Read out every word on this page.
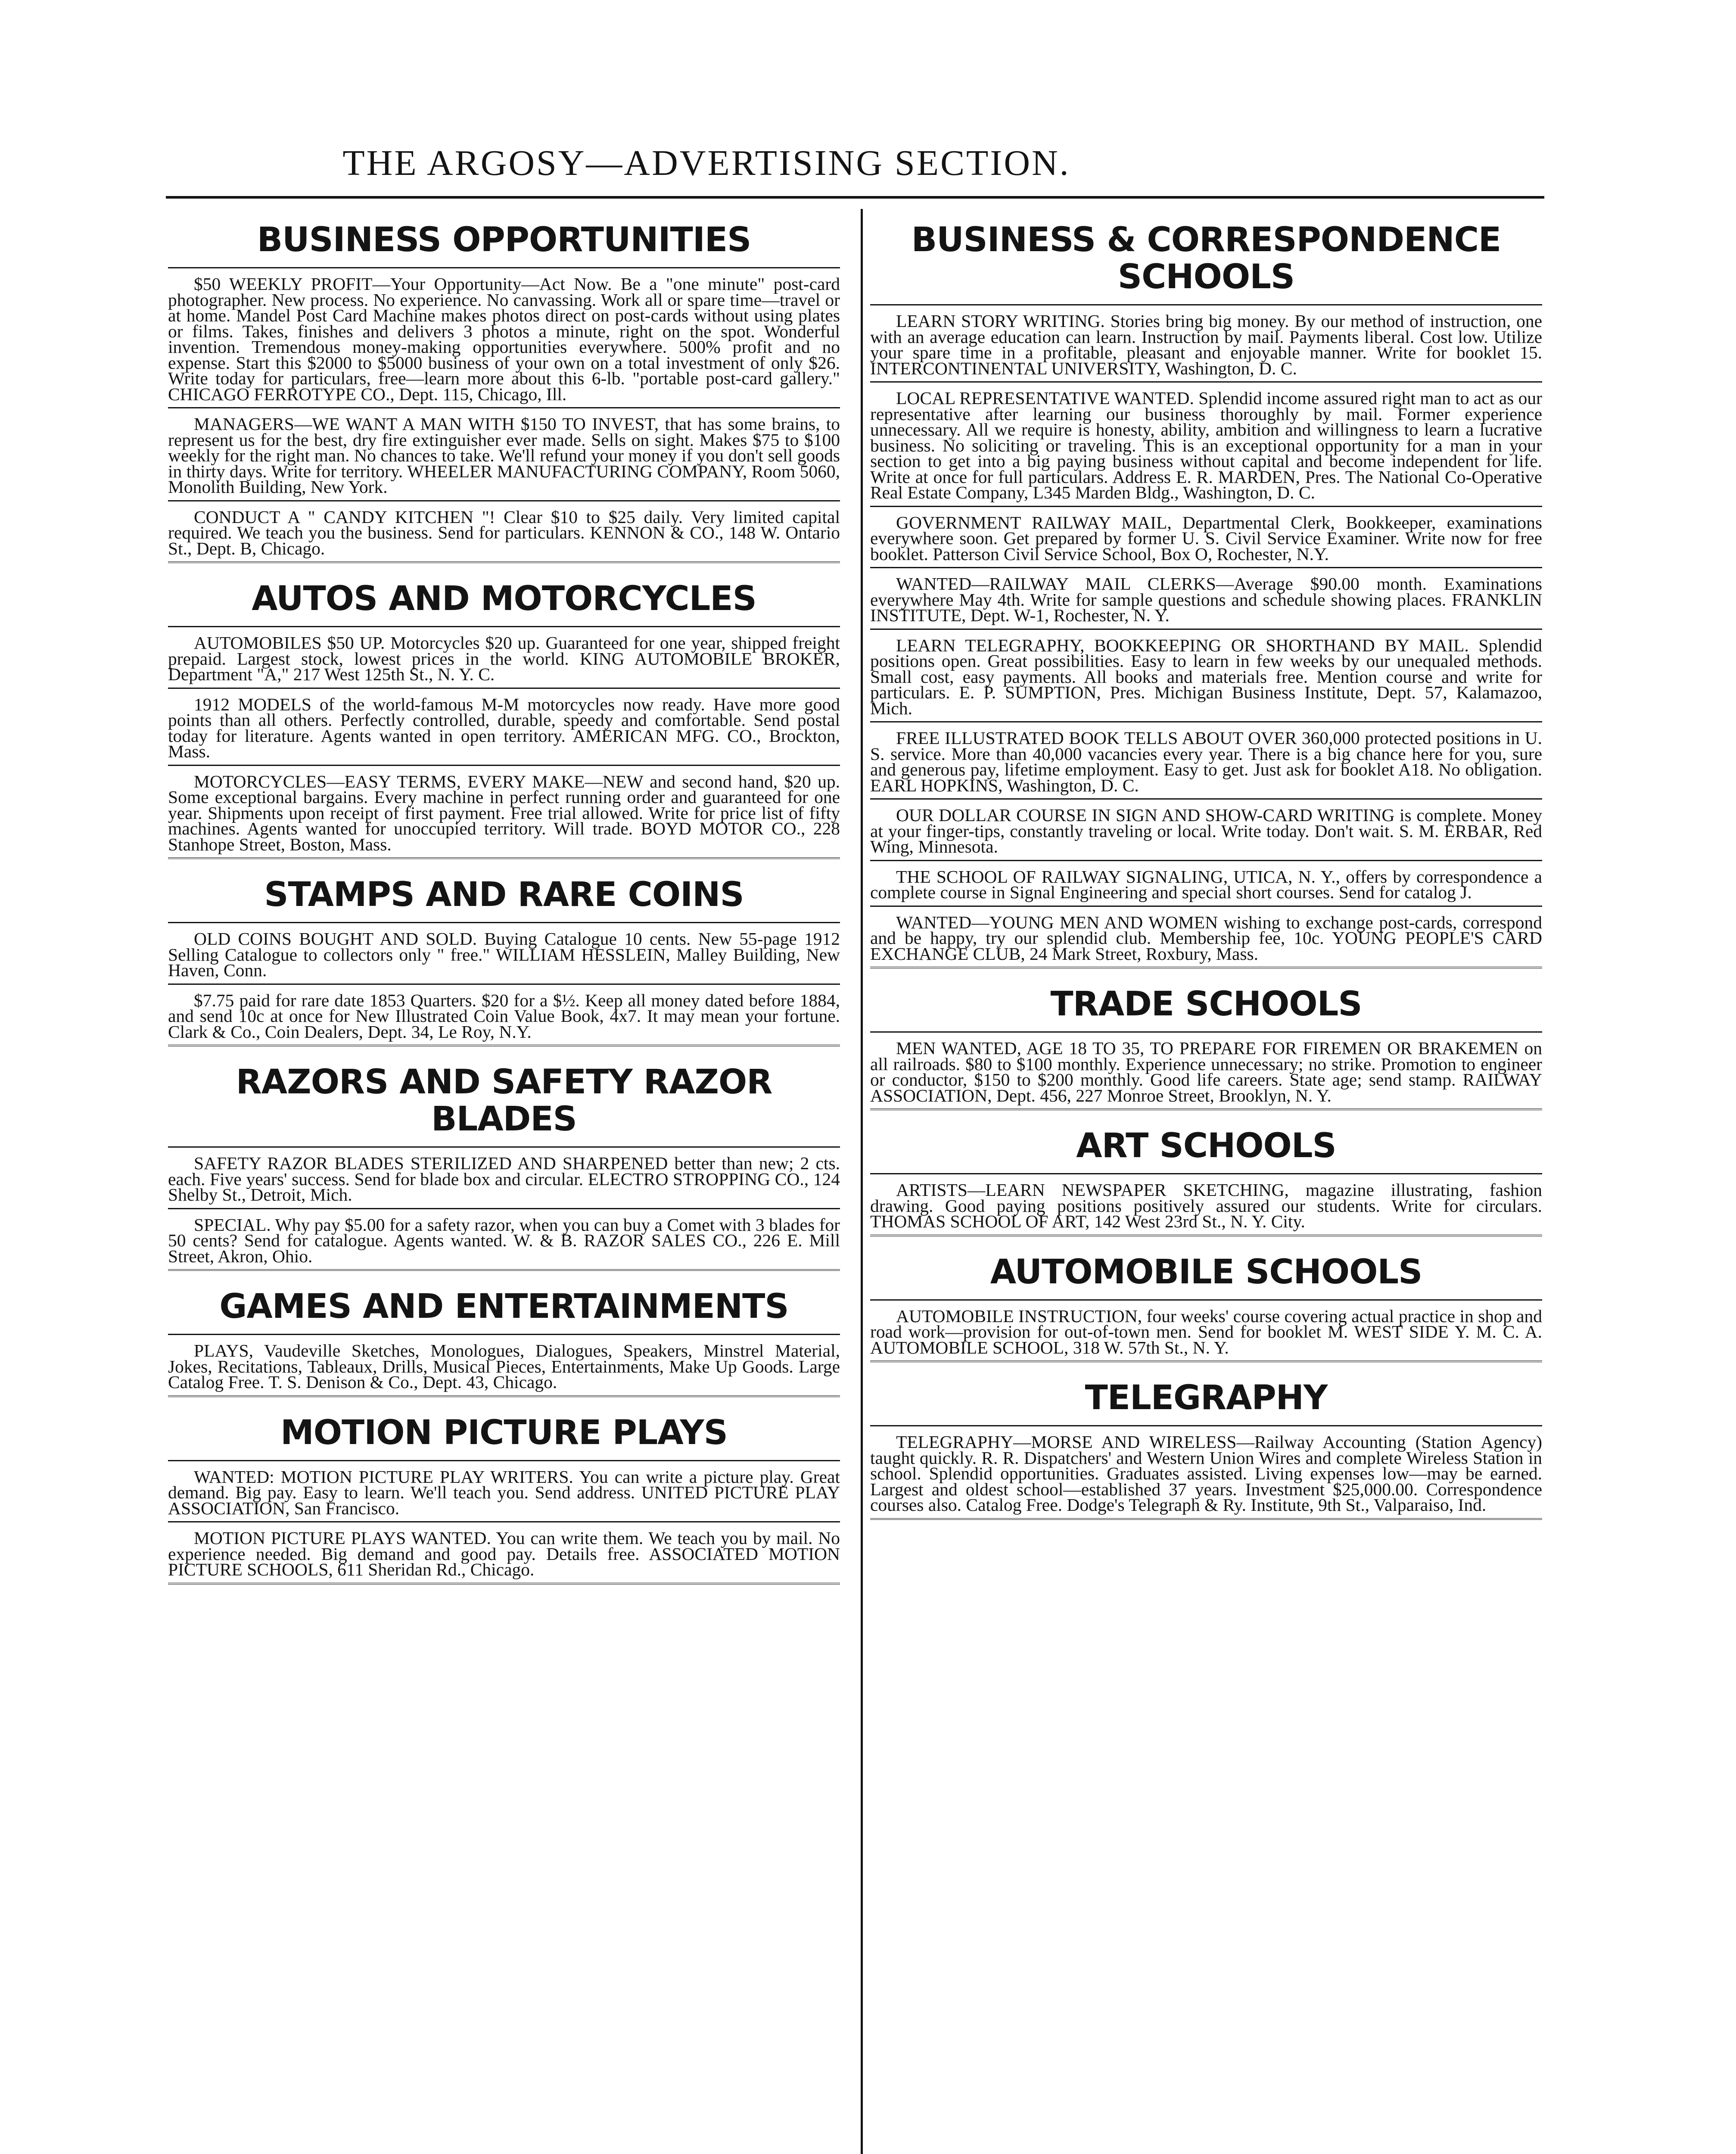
THE ARGOSY—ADVERTISING SECTION.
BUSINESS OPPORTUNITIES

$50 WEEKLY PROFIT—Your Opportunity—Act Now. Be a "one minute" post-card photographer. New process. No experience. No canvassing. Work all or spare time—travel or at home. Mandel Post Card Machine makes photos direct on post-cards without using plates or films. Takes, finishes and delivers 3 photos a minute, right on the spot. Wonderful invention. Tremendous money-making opportunities everywhere. 500% profit and no expense. Start this $2000 to $5000 business of your own on a total investment of only $26. Write today for particulars, free—learn more about this 6-lb. "portable post-card gallery." CHICAGO FERROTYPE CO., Dept. 115, Chicago, Ill.

MANAGERS—WE WANT A MAN WITH $150 TO INVEST, that has some brains, to represent us for the best, dry fire extinguisher ever made. Sells on sight. Makes $75 to $100 weekly for the right man. No chances to take. We'll refund your money if you don't sell goods in thirty days. Write for territory. WHEELER MANUFACTURING COMPANY, Room 5060, Monolith Building, New York.

CONDUCT A " CANDY KITCHEN "! Clear $10 to $25 daily. Very limited capital required. We teach you the business. Send for particulars. KENNON & CO., 148 W. Ontario St., Dept. B, Chicago.

AUTOS AND MOTORCYCLES

AUTOMOBILES $50 UP. Motorcycles $20 up. Guaranteed for one year, shipped freight prepaid. Largest stock, lowest prices in the world. KING AUTOMOBILE BROKER, Department "A," 217 West 125th St., N. Y. C.

1912 MODELS of the world-famous M-M motorcycles now ready. Have more good points than all others. Perfectly controlled, durable, speedy and comfortable. Send postal today for literature. Agents wanted in open territory. AMERICAN MFG. CO., Brockton, Mass.

MOTORCYCLES—EASY TERMS, EVERY MAKE—NEW and second hand, $20 up. Some exceptional bargains. Every machine in perfect running order and guaranteed for one year. Shipments upon receipt of first payment. Free trial allowed. Write for price list of fifty machines. Agents wanted for unoccupied territory. Will trade. BOYD MOTOR CO., 228 Stanhope Street, Boston, Mass.

STAMPS AND RARE COINS

OLD COINS BOUGHT AND SOLD. Buying Catalogue 10 cents. New 55-page 1912 Selling Catalogue to collectors only " free." WILLIAM HESSLEIN, Malley Building, New Haven, Conn.

$7.75 paid for rare date 1853 Quarters. $20 for a $½. Keep all money dated before 1884, and send 10c at once for New Illustrated Coin Value Book, 4x7. It may mean your fortune. Clark & Co., Coin Dealers, Dept. 34, Le Roy, N.Y.

RAZORS AND SAFETY RAZOR BLADES

SAFETY RAZOR BLADES STERILIZED AND SHARPENED better than new; 2 cts. each. Five years' success. Send for blade box and circular. ELECTRO STROPPING CO., 124 Shelby St., Detroit, Mich.

SPECIAL. Why pay $5.00 for a safety razor, when you can buy a Comet with 3 blades for 50 cents? Send for catalogue. Agents wanted. W. & B. RAZOR SALES CO., 226 E. Mill Street, Akron, Ohio.

GAMES AND ENTERTAINMENTS

PLAYS, Vaudeville Sketches, Monologues, Dialogues, Speakers, Minstrel Material, Jokes, Recitations, Tableaux, Drills, Musical Pieces, Entertainments, Make Up Goods. Large Catalog Free. T. S. Denison & Co., Dept. 43, Chicago.

MOTION PICTURE PLAYS

WANTED: MOTION PICTURE PLAY WRITERS. You can write a picture play. Great demand. Big pay. Easy to learn. We'll teach you. Send address. UNITED PICTURE PLAY ASSOCIATION, San Francisco.

MOTION PICTURE PLAYS WANTED. You can write them. We teach you by mail. No experience needed. Big demand and good pay. Details free. ASSOCIATED MOTION PICTURE SCHOOLS, 611 Sheridan Rd., Chicago.

BUSINESS & CORRESPONDENCE SCHOOLS

LEARN STORY WRITING. Stories bring big money. By our method of instruction, one with an average education can learn. Instruction by mail. Payments liberal. Cost low. Utilize your spare time in a profitable, pleasant and enjoyable manner. Write for booklet 15. INTERCONTINENTAL UNIVERSITY, Washington, D. C.

LOCAL REPRESENTATIVE WANTED. Splendid income assured right man to act as our representative after learning our business thoroughly by mail. Former experience unnecessary. All we require is honesty, ability, ambition and willingness to learn a lucrative business. No soliciting or traveling. This is an exceptional opportunity for a man in your section to get into a big paying business without capital and become independent for life. Write at once for full particulars. Address E. R. MARDEN, Pres. The National Co-Operative Real Estate Company, L345 Marden Bldg., Washington, D. C.

GOVERNMENT RAILWAY MAIL, Departmental Clerk, Bookkeeper, examinations everywhere soon. Get prepared by former U. S. Civil Service Examiner. Write now for free booklet. Patterson Civil Service School, Box O, Rochester, N.Y.

WANTED—RAILWAY MAIL CLERKS—Average $90.00 month. Examinations everywhere May 4th. Write for sample questions and schedule showing places. FRANKLIN INSTITUTE, Dept. W-1, Rochester, N. Y.

LEARN TELEGRAPHY, BOOKKEEPING OR SHORTHAND BY MAIL. Splendid positions open. Great possibilities. Easy to learn in few weeks by our unequaled methods. Small cost, easy payments. All books and materials free. Mention course and write for particulars. E. P. SUMPTION, Pres. Michigan Business Institute, Dept. 57, Kalamazoo, Mich.

FREE ILLUSTRATED BOOK TELLS ABOUT OVER 360,000 protected positions in U. S. service. More than 40,000 vacancies every year. There is a big chance here for you, sure and generous pay, lifetime employment. Easy to get. Just ask for booklet A18. No obligation. EARL HOPKINS, Washington, D. C.

OUR DOLLAR COURSE IN SIGN AND SHOW-CARD WRITING is complete. Money at your finger-tips, constantly traveling or local. Write today. Don't wait. S. M. ERBAR, Red Wing, Minnesota.

THE SCHOOL OF RAILWAY SIGNALING, UTICA, N. Y., offers by correspondence a complete course in Signal Engineering and special short courses. Send for catalog J.

WANTED—YOUNG MEN AND WOMEN wishing to exchange post-cards, correspond and be happy, try our splendid club. Membership fee, 10c. YOUNG PEOPLE'S CARD EXCHANGE CLUB, 24 Mark Street, Roxbury, Mass.

TRADE SCHOOLS

MEN WANTED, AGE 18 TO 35, TO PREPARE FOR FIREMEN OR BRAKEMEN on all railroads. $80 to $100 monthly. Experience unnecessary; no strike. Promotion to engineer or conductor, $150 to $200 monthly. Good life careers. State age; send stamp. RAILWAY ASSOCIATION, Dept. 456, 227 Monroe Street, Brooklyn, N. Y.

ART SCHOOLS

ARTISTS—LEARN NEWSPAPER SKETCHING, magazine illustrating, fashion drawing. Good paying positions positively assured our students. Write for circulars. THOMAS SCHOOL OF ART, 142 West 23rd St., N. Y. City.

AUTOMOBILE SCHOOLS

AUTOMOBILE INSTRUCTION, four weeks' course covering actual practice in shop and road work—provision for out-of-town men. Send for booklet M. WEST SIDE Y. M. C. A. AUTOMOBILE SCHOOL, 318 W. 57th St., N. Y.

TELEGRAPHY

TELEGRAPHY—MORSE AND WIRELESS—Railway Accounting (Station Agency) taught quickly. R. R. Dispatchers' and Western Union Wires and complete Wireless Station in school. Splendid opportunities. Graduates assisted. Living expenses low—may be earned. Largest and oldest school—established 37 years. Investment $25,000.00. Correspondence courses also. Catalog Free. Dodge's Telegraph & Ry. Institute, 9th St., Valparaiso, Ind.
